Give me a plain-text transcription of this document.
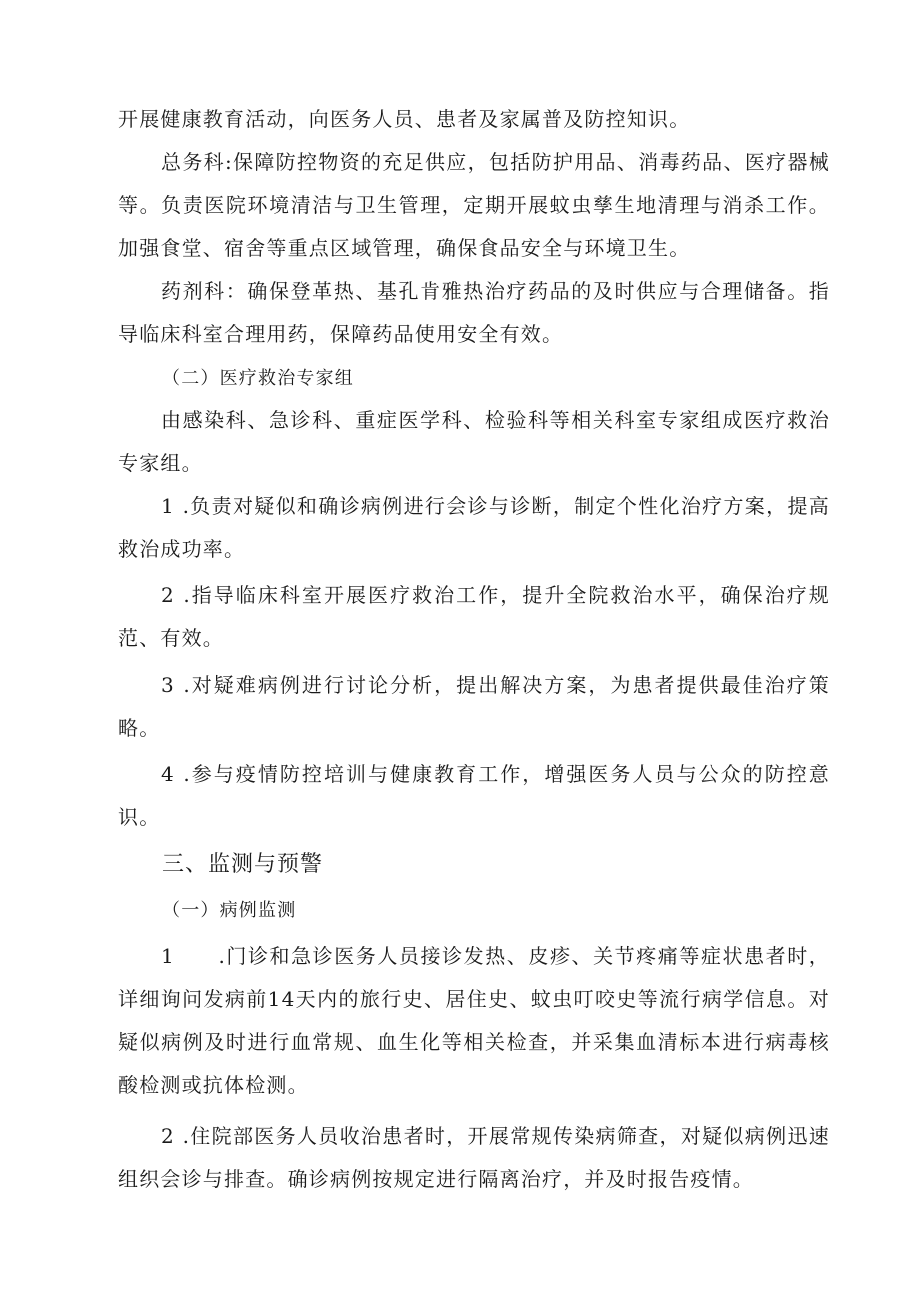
开展健康教育活动，向医务人员、患者及家属普及防控知识。

总务科:保障防控物资的充足供应，包括防护用品、消毒药品、医疗器械等。负责医院环境清洁与卫生管理，定期开展蚊虫孳生地清理与消杀工作。加强食堂、宿舍等重点区域管理，确保食品安全与环境卫生。

药剂科：确保登革热、基孔肯雅热治疗药品的及时供应与合理储备。指导临床科室合理用药，保障药品使用安全有效。

（二）医疗救治专家组

由感染科、急诊科、重症医学科、检验科等相关科室专家组成医疗救治专家组。

1 .负责对疑似和确诊病例进行会诊与诊断，制定个性化治疗方案，提高救治成功率。

2 .指导临床科室开展医疗救治工作，提升全院救治水平，确保治疗规范、有效。

3 .对疑难病例进行讨论分析，提出解决方案，为患者提供最佳治疗策略。

4 .参与疫情防控培训与健康教育工作，增强医务人员与公众的防控意识。

三、监测与预警

（一）病例监测

1　　.门诊和急诊医务人员接诊发热、皮疹、关节疼痛等症状患者时，详细询问发病前14天内的旅行史、居住史、蚊虫叮咬史等流行病学信息。对疑似病例及时进行血常规、血生化等相关检查，并采集血清标本进行病毒核酸检测或抗体检测。

2 .住院部医务人员收治患者时，开展常规传染病筛查，对疑似病例迅速组织会诊与排查。确诊病例按规定进行隔离治疗，并及时报告疫情。
